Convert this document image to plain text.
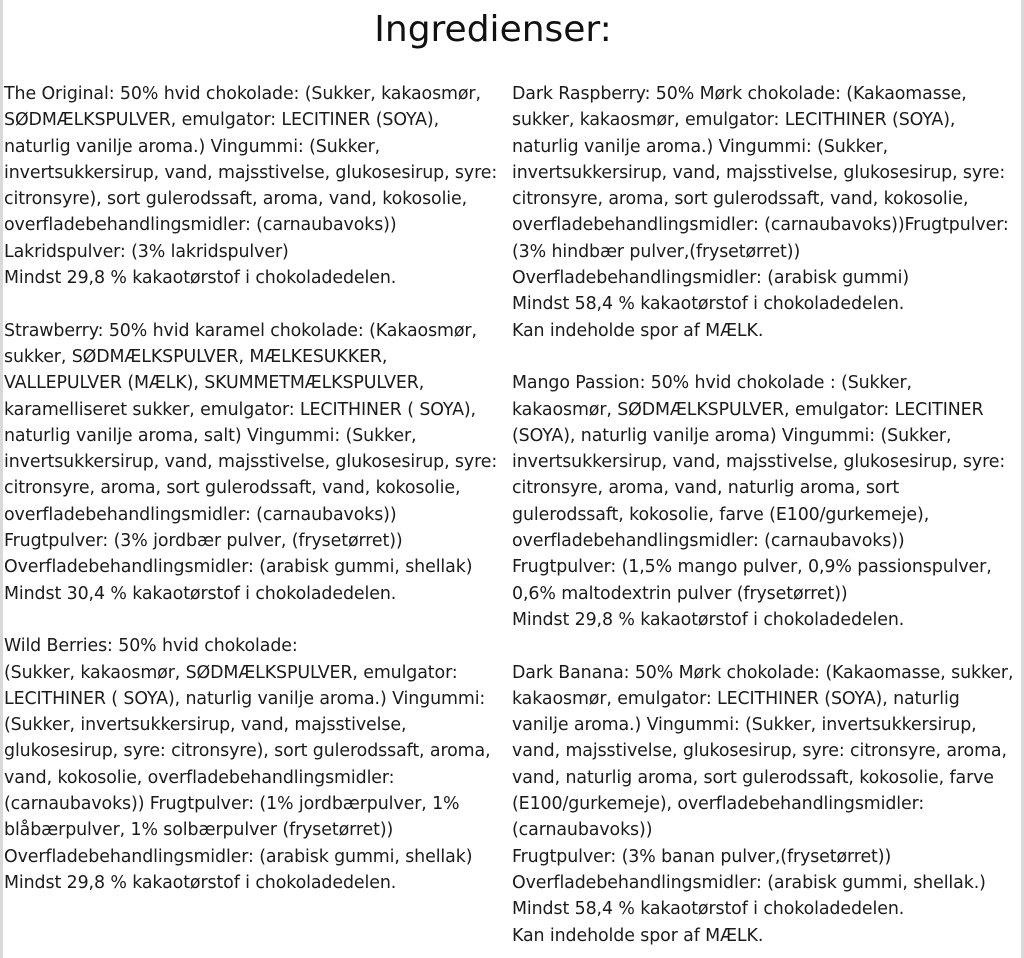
Ingredienser:
The Original: 50% hvid chokolade: (Sukker, kakaosmør,
SØDMÆLKSPULVER, emulgator: LECITINER (SOYA),
naturlig vanilje aroma.) Vingummi: (Sukker,
invertsukkersirup, vand, majsstivelse, glukosesirup, syre:
citronsyre), sort gulerodssaft, aroma, vand, kokosolie,
overfladebehandlingsmidler: (carnaubavoks))
Lakridspulver: (3% lakridspulver)
Mindst 29,8 % kakaotørstof i chokoladedelen.
Strawberry: 50% hvid karamel chokolade: (Kakaosmør,
sukker, SØDMÆLKSPULVER, MÆLKESUKKER,
VALLEPULVER (MÆLK), SKUMMETMÆLKSPULVER,
karamelliseret sukker, emulgator: LECITHINER ( SOYA),
naturlig vanilje aroma, salt) Vingummi: (Sukker,
invertsukkersirup, vand, majsstivelse, glukosesirup, syre:
citronsyre, aroma, sort gulerodssaft, vand, kokosolie,
overfladebehandlingsmidler: (carnaubavoks))
Frugtpulver: (3% jordbær pulver, (frysetørret))
Overfladebehandlingsmidler: (arabisk gummi, shellak)
Mindst 30,4 % kakaotørstof i chokoladedelen.
Wild Berries: 50% hvid chokolade:
(Sukker, kakaosmør, SØDMÆLKSPULVER, emulgator:
LECITHINER ( SOYA), naturlig vanilje aroma.) Vingummi:
(Sukker, invertsukkersirup, vand, majsstivelse,
glukosesirup, syre: citronsyre), sort gulerodssaft, aroma,
vand, kokosolie, overfladebehandlingsmidler:
(carnaubavoks)) Frugtpulver: (1% jordbærpulver, 1%
blåbærpulver, 1% solbærpulver (frysetørret))
Overfladebehandlingsmidler: (arabisk gummi, shellak)
Mindst 29,8 % kakaotørstof i chokoladedelen.
Dark Raspberry: 50% Mørk chokolade: (Kakaomasse,
sukker, kakaosmør, emulgator: LECITHINER (SOYA),
naturlig vanilje aroma.) Vingummi: (Sukker,
invertsukkersirup, vand, majsstivelse, glukosesirup, syre:
citronsyre, aroma, sort gulerodssaft, vand, kokosolie,
overfladebehandlingsmidler: (carnaubavoks))Frugtpulver:
(3% hindbær pulver,(frysetørret))
Overfladebehandlingsmidler: (arabisk gummi)
Mindst 58,4 % kakaotørstof i chokoladedelen.
Kan indeholde spor af MÆLK.
Mango Passion: 50% hvid chokolade : (Sukker,
kakaosmør, SØDMÆLKSPULVER, emulgator: LECITINER
(SOYA), naturlig vanilje aroma) Vingummi: (Sukker,
invertsukkersirup, vand, majsstivelse, glukosesirup, syre:
citronsyre, aroma, vand, naturlig aroma, sort
gulerodssaft, kokosolie, farve (E100/gurkemeje),
overfladebehandlingsmidler: (carnaubavoks))
Frugtpulver: (1,5% mango pulver, 0,9% passionspulver,
0,6% maltodextrin pulver (frysetørret))
Mindst 29,8 % kakaotørstof i chokoladedelen.
Dark Banana: 50% Mørk chokolade: (Kakaomasse, sukker,
kakaosmør, emulgator: LECITHINER (SOYA), naturlig
vanilje aroma.) Vingummi: (Sukker, invertsukkersirup,
vand, majsstivelse, glukosesirup, syre: citronsyre, aroma,
vand, naturlig aroma, sort gulerodssaft, kokosolie, farve
(E100/gurkemeje), overfladebehandlingsmidler:
(carnaubavoks))
Frugtpulver: (3% banan pulver,(frysetørret))
Overfladebehandlingsmidler: (arabisk gummi, shellak.)
Mindst 58,4 % kakaotørstof i chokoladedelen.
Kan indeholde spor af MÆLK.
